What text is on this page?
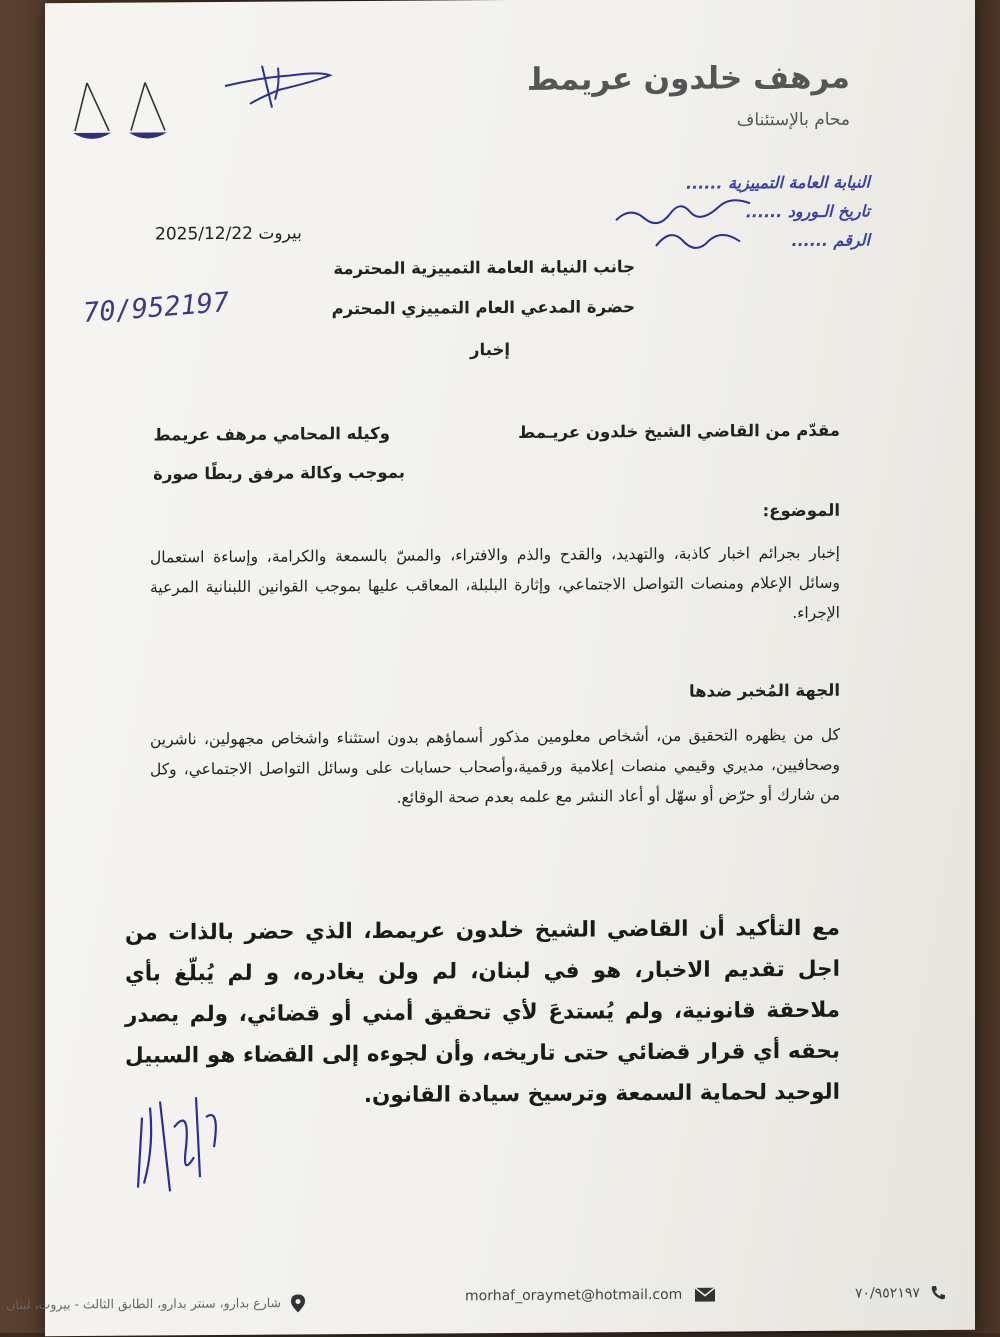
مرهف خلدون عريمط
محام بالإستئناف
النيابة العامة التمييزية ......
تاريخ الـورود ......
الرقم ......
بيروت 2025/12/22
70/952197
جانب النيابة العامة التمييزية المحترمة
حضرة المدعي العام التمييزي المحترم
إخبار
مقدّم من القاضي الشيخ خلدون عريـمط
وكيله المحامي مرهف عريمط
بموجب وكالة مرفق ربطًا صورة
الموضوع:
إخبار بجرائم اخبار كاذبة، والتهديد، والقدح والذم والافتراء، والمسّ بالسمعة والكرامة، وإساءة استعمال وسائل الإعلام ومنصات التواصل الاجتماعي، وإثارة البلبلة، المعاقب عليها بموجب القوانين اللبنانية المرعية الإجراء.
الجهة المُخبر ضدها
كل من يظهره التحقيق من، أشخاص معلومين مذكور أسماؤهم بدون استثناء واشخاص مجهولين، ناشرين وصحافيين، مديري وقيمي منصات إعلامية ورقمية،وأصحاب حسابات على وسائل التواصل الاجتماعي، وكل من شارك أو حرّض أو سهّل أو أعاد النشر مع علمه بعدم صحة الوقائع.
مع التأكيد أن القاضي الشيخ خلدون عريمط، الذي حضر بالذات من اجل تقديم الاخبار، هو في لبنان، لم ولن يغادره، و لم يُبلّغ بأي ملاحقة قانونية، ولم يُستدعَ لأي تحقيق أمني أو قضائي، ولم يصدر بحقه أي قرار قضائي حتى تاريخه، وأن لجوءه إلى القضاء هو السبيل الوحيد لحماية السمعة وترسيخ سيادة القانون.
٧٠/٩٥٢١٩٧
morhaf_oraymet@hotmail.com
شارع بدارو، سنتر بدارو، الطابق الثالث - بيروت، لبنان
